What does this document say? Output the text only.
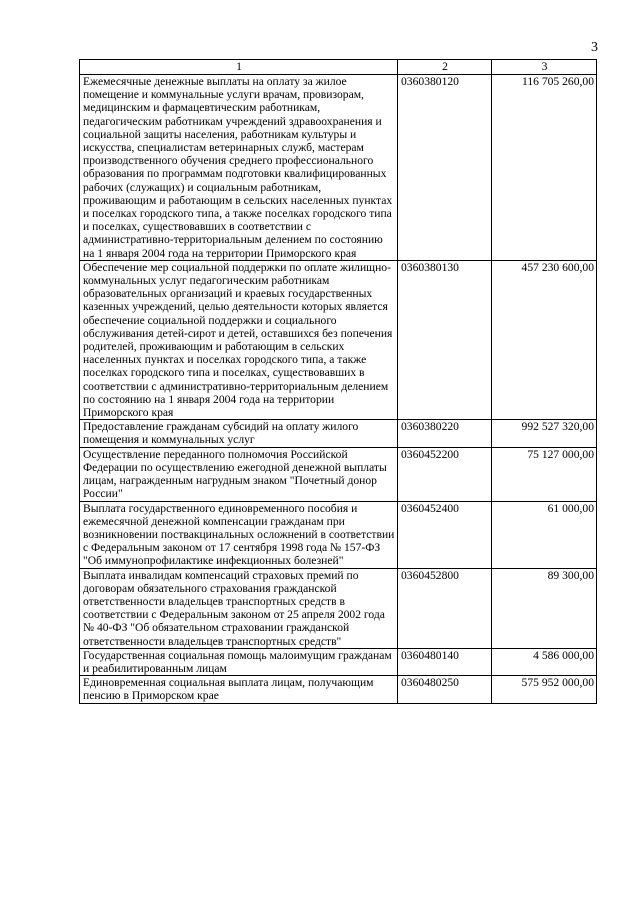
3
1	2	3
Ежемесячные денежные выплаты на оплату за жилое помещение и коммунальные услуги врачам, провизорам, медицинским и фармацевтическим работникам, педагогическим работникам учреждений здравоохранения и социальной защиты населения, работникам культуры и искусства, специалистам ветеринарных служб, мастерам производственного обучения среднего профессионального образования по программам подготовки квалифицированных рабочих (служащих) и социальным работникам, проживающим и работающим в сельских населенных пунктах и поселках городского типа, а также поселках городского типа и поселках, существовавших в соответствии с административно-территориальным делением по состоянию на 1 января 2004 года на территории Приморского края	0360380120	116 705 260,00
Обеспечение мер социальной поддержки по оплате жилищно-коммунальных услуг педагогическим работникам образовательных организаций и краевых государственных казенных учреждений, целью деятельности которых является обеспечение социальной поддержки и социального обслуживания детей-сирот и детей, оставшихся без попечения родителей, проживающим и работающим в сельских населенных пунктах и поселках городского типа, а также поселках городского типа и поселках, существовавших в соответствии с административно-территориальным делением по состоянию на 1 января 2004 года на территории Приморского края	0360380130	457 230 600,00
Предоставление гражданам субсидий на оплату жилого помещения и коммунальных услуг	0360380220	992 527 320,00
Осуществление переданного полномочия Российской Федерации по осуществлению ежегодной денежной выплаты лицам, награжденным нагрудным знаком "Почетный донор России"	0360452200	75 127 000,00
Выплата государственного единовременного пособия и ежемесячной денежной компенсации гражданам при возникновении поствакцинальных осложнений в соответствии с Федеральным законом от 17 сентября 1998 года № 157-ФЗ "Об иммунопрофилактике инфекционных болезней"	0360452400	61 000,00
Выплата инвалидам компенсаций страховых премий по договорам обязательного страхования гражданской ответственности владельцев транспортных средств в соответствии с Федеральным законом от 25 апреля 2002 года № 40-ФЗ "Об обязательном страховании гражданской ответственности владельцев транспортных средств"	0360452800	89 300,00
Государственная социальная помощь малоимущим гражданам и реабилитированным лицам	0360480140	4 586 000,00
Единовременная социальная выплата лицам, получающим пенсию в Приморском крае	0360480250	575 952 000,00
